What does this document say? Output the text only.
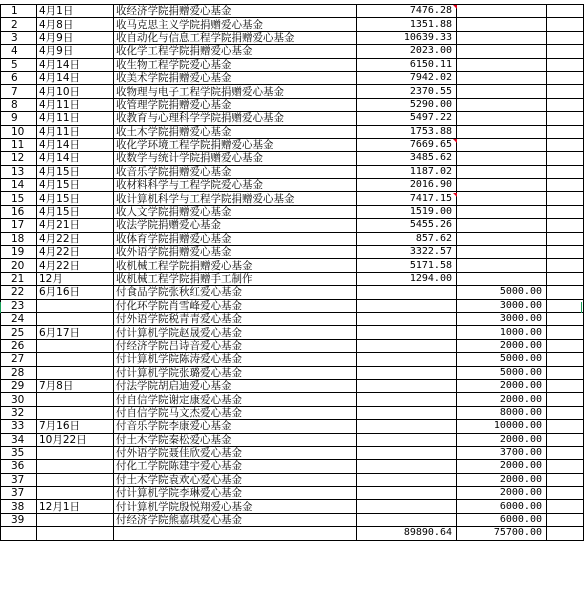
1	4月1日	收经济学院捐赠爱心基金	7476.28		
2	4月8日	收马克思主义学院捐赠爱心基金	1351.88		
3	4月9日	收自动化与信息工程学院捐赠爱心基金	10639.33		
4	4月9日	收化学工程学院捐赠爱心基金	2023.00		
5	4月14日	收生物工程学院爱心基金	6150.11		
6	4月14日	收美术学院捐赠爱心基金	7942.02		
7	4月10日	收物理与电子工程学院捐赠爱心基金	2370.55		
8	4月11日	收管理学院捐赠爱心基金	5290.00		
9	4月11日	收教育与心理科学学院捐赠爱心基金	5497.22		
10	4月11日	收土木学院捐赠爱心基金	1753.88		
11	4月14日	收化学环境工程学院捐赠爱心基金	7669.65		
12	4月14日	收数学与统计学院捐赠爱心基金	3485.62		
13	4月15日	收音乐学院捐赠爱心基金	1187.02		
14	4月15日	收材料科学与工程学院爱心基金	2016.90		
15	4月15日	收计算机科学与工程学院捐赠爱心基金	7417.15		
16	4月15日	收人文学院捐赠爱心基金	1519.00		
17	4月21日	收法学院捐赠爱心基金	5455.26		
18	4月22日	收体育学院捐赠爱心基金	857.62		
19	4月22日	收外语学院捐赠爱心基金	3322.57		
20	4月22日	收机械工程学院捐赠爱心基金	5171.58		
21	12月	收机械工程学院捐赠手工制作	1294.00		
22	6月16日	付食品学院张秋红爱心基金		5000.00	
23		付化环学院肖雪峰爱心基金		3000.00	
24		付外语学院税青青爱心基金		3000.00	
25	6月17日	付计算机学院赵晟爱心基金		1000.00	
26		付经济学院吕诗音爱心基金		2000.00	
27		付计算机学院陈涛爱心基金		5000.00	
28		付计算机学院张璐爱心基金		5000.00	
29	7月8日	付法学院胡启迪爱心基金		2000.00	
30		付自信学院谢定康爱心基金		2000.00	
32		付自信学院马文杰爱心基金		8000.00	
33	7月16日	付音乐学院李康爱心基金		10000.00	
34	10月22日	付土木学院秦松爱心基金		2000.00	
35		付外语学院聂佳欣爱心基金		3700.00	
36		付化工学院陈建宇爱心基金		2000.00	
37		付土木学院袁欢心爱心基金		2000.00	
37		付计算机学院李琳爱心基金		2000.00	
38	12月1日	付计算机学院殷悦翔爱心基金		6000.00	
39		付经济学院熊嘉琪爱心基金		6000.00	
			89890.64	75700.00	
